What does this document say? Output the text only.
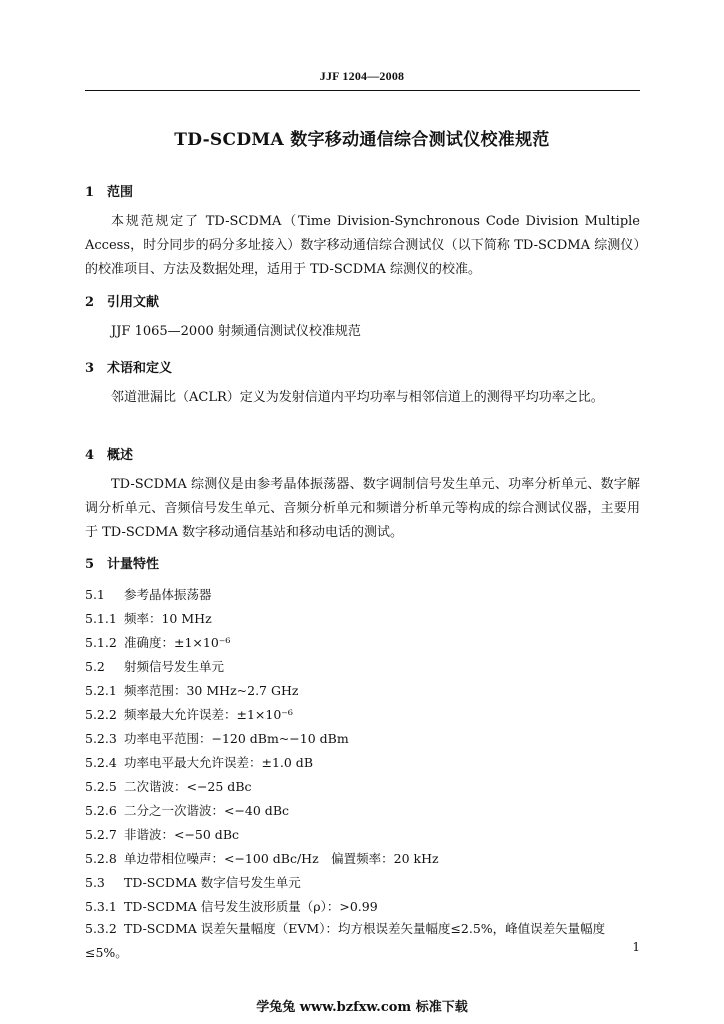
JJF 1204—2008
TD-SCDMA 数字移动通信综合测试仪校准规范
1 范围
本规范规定了 TD-SCDMA（Time Division-Synchronous Code Division Multiple Access，时分同步的码分多址接入）数字移动通信综合测试仪（以下简称 TD-SCDMA 综测仪）的校准项目、方法及数据处理，适用于 TD-SCDMA 综测仪的校准。
2 引用文献
JJF 1065—2000 射频通信测试仪校准规范
3 术语和定义
邻道泄漏比（ACLR）定义为发射信道内平均功率与相邻信道上的测得平均功率之比。
4 概述
TD-SCDMA 综测仪是由参考晶体振荡器、数字调制信号发生单元、功率分析单元、数字解调分析单元、音频信号发生单元、音频分析单元和频谱分析单元等构成的综合测试仪器，主要用于 TD-SCDMA 数字移动通信基站和移动电话的测试。
5 计量特性
5.1 参考晶体振荡器
5.1.1 频率：10 MHz
5.1.2 准确度：±1×10⁻⁶
5.2 射频信号发生单元
5.2.1 频率范围：30 MHz~2.7 GHz
5.2.2 频率最大允许误差：±1×10⁻⁶
5.2.3 功率电平范围：−120 dBm~−10 dBm
5.2.4 功率电平最大允许误差：±1.0 dB
5.2.5 二次谐波：<−25 dBc
5.2.6 二分之一次谐波：<−40 dBc
5.2.7 非谐波：<−50 dBc
5.2.8 单边带相位噪声：<−100 dBc/Hz　偏置频率：20 kHz
5.3 TD-SCDMA 数字信号发生单元
5.3.1 TD-SCDMA 信号发生波形质量（ρ）：>0.99
5.3.2 TD-SCDMA 误差矢量幅度（EVM）：均方根误差矢量幅度≤2.5%，峰值误差矢量幅度≤5%。	1
学兔兔 www.bzfxw.com 标准下载
